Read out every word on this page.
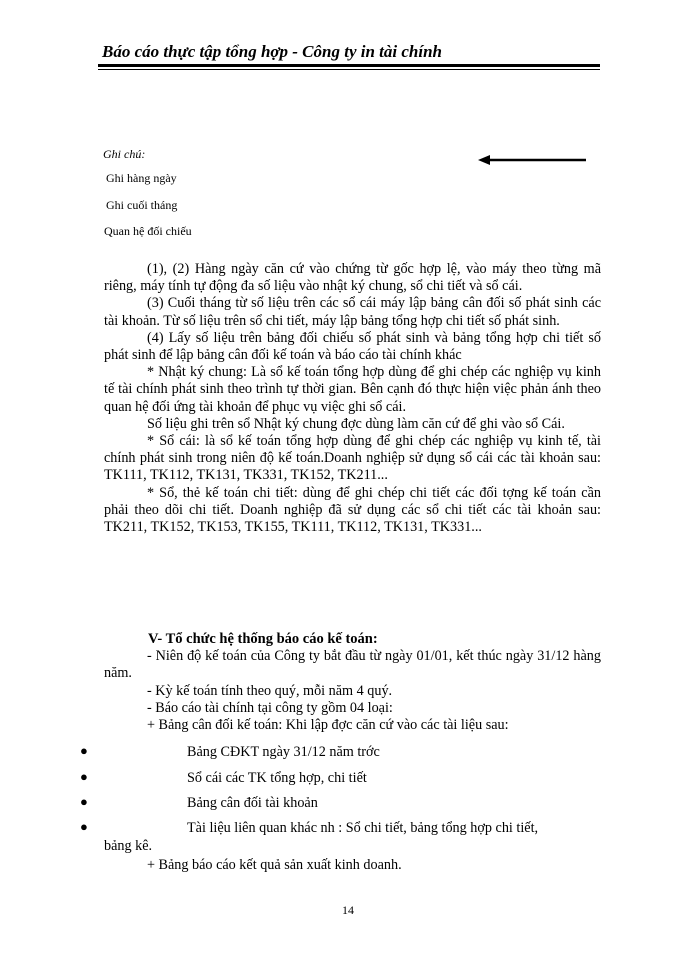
Báo cáo thực tập tổng hợp - Công ty in tài chính
Ghi chú:
Ghi hàng ngày
Ghi cuối tháng
Quan hệ đối chiếu

(1), (2) Hàng ngày căn cứ vào chứng từ gốc hợp lệ, vào máy theo từng mã riêng, máy tính tự động đa số liệu vào nhật ký chung, sổ chi tiết và sổ cái.

(3) Cuối tháng từ số liệu trên các sổ cái máy lập bảng cân đối số phát sinh các tài khoản. Từ số liệu trên sổ chi tiết, máy lập bảng tổng hợp chi tiết số phát sinh.

(4) Lấy số liệu trên bảng đối chiếu số phát sinh và bảng tổng hợp chi tiết số phát sinh để lập bảng cân đối kế toán và báo cáo tài chính khác

* Nhật ký chung: Là sổ kế toán tổng hợp dùng để ghi chép các nghiệp vụ kinh tế tài chính phát sinh theo trình tự thời gian. Bên cạnh đó thực hiện việc phản ánh theo quan hệ đối ứng tài khoản để phục vụ việc ghi sổ cái.

Số liệu ghi trên sổ Nhật ký chung đợc dùng làm căn cứ để ghi vào sổ Cái.

* Sổ cái: là sổ kế toán tổng hợp dùng để ghi chép các nghiệp vụ kinh tế, tài chính phát sinh trong niên độ kế toán.Doanh nghiệp sử dụng sổ cái các tài khoản sau: TK111, TK112, TK131, TK331, TK152, TK211...

* Sổ, thẻ kế toán chi tiết: dùng để ghi chép chi tiết các đối tợng kế toán cần phải theo dõi chi tiết. Doanh nghiệp đã sử dụng các sổ chi tiết các tài khoản sau: TK211, TK152, TK153, TK155, TK111, TK112, TK131, TK331...

V- Tổ chức hệ thống báo cáo kế toán:

- Niên độ kế toán của Công ty bắt đầu từ ngày 01/01, kết thúc ngày 31/12 hàng năm.

- Kỳ kế toán tính theo quý, mỗi năm 4 quý.

- Báo cáo tài chính tại công ty gồm 04 loại:

+ Bảng cân đối kế toán: Khi lập đợc căn cứ vào các tài liệu sau:

●	Bảng CĐKT ngày 31/12 năm trớc
●	Sổ cái các TK tổng hợp, chi tiết
●	Bảng cân đối tài khoản
●	Tài liệu liên quan khác nh : Sổ chi tiết, bảng tổng hợp chi tiết,
bảng kê.
+ Bảng báo cáo kết quả sản xuất kinh doanh.
14
